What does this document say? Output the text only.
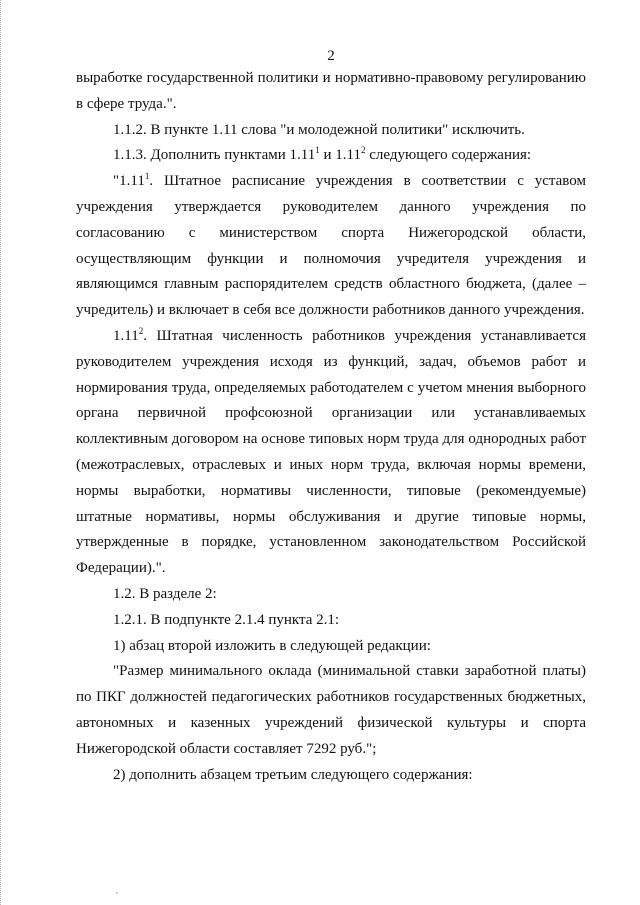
2

выработке государственной политики и нормативно-правовому регулированию в сфере труда.".

1.1.2. В пункте 1.11 слова "и молодежной политики" исключить.

1.1.3. Дополнить пунктами 1.11$^1$ и 1.11$^2$ следующего содержания:

"1.11$^1$. Штатное расписание учреждения в соответствии с уставом учреждения утверждается руководителем данного учреждения по согласованию с министерством спорта Нижегородской области, осуществляющим функции и полномочия учредителя учреждения и являющимся главным распорядителем средств областного бюджета, (далее – учредитель) и включает в себя все должности работников данного учреждения.

1.11$^2$. Штатная численность работников учреждения устанавливается руководителем учреждения исходя из функций, задач, объемов работ и нормирования труда, определяемых работодателем с учетом мнения выборного органа первичной профсоюзной организации или устанавливаемых коллективным договором на основе типовых норм труда для однородных работ (межотраслевых, отраслевых и иных норм труда, включая нормы времени, нормы выработки, нормативы численности, типовые (рекомендуемые) штатные нормативы, нормы обслуживания и другие типовые нормы, утвержденные в порядке, установленном законодательством Российской Федерации).".

1.2. В разделе 2:

1.2.1. В подпункте 2.1.4 пункта 2.1:

1) абзац второй изложить в следующей редакции:

"Размер минимального оклада (минимальной ставки заработной платы) по ПКГ должностей педагогических работников государственных бюджетных, автономных и казенных учреждений физической культуры и спорта Нижегородской области составляет 7292 руб.";

2) дополнить абзацем третьим следующего содержания:
